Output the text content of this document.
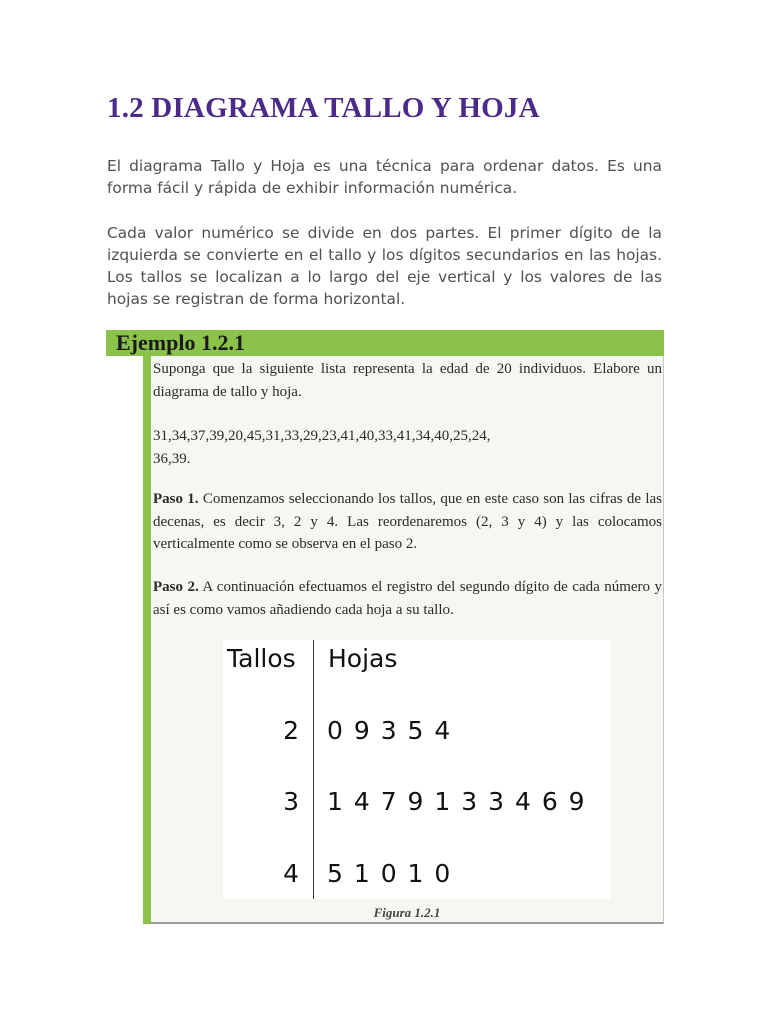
1.2 DIAGRAMA TALLO Y HOJA

El diagrama Tallo y Hoja es una técnica para ordenar datos. Es una forma fácil y rápida de exhibir información numérica.

Cada valor numérico se divide en dos partes. El primer dígito de la izquierda se convierte en el tallo y los dígitos secundarios en las hojas. Los tallos se localizan a lo largo del eje vertical y los valores de las hojas se registran de forma horizontal.

Ejemplo 1.2.1

Suponga que la siguiente lista representa la edad de 20 individuos. Elabore un diagrama de tallo y hoja.

31,34,37,39,20,45,31,33,29,23,41,40,33,41,34,40,25,24,
36,39.

Paso 1. Comenzamos seleccionando los tallos, que en este caso son las cifras de las decenas, es decir 3, 2 y 4. Las reordenaremos (2, 3 y 4) y las colocamos verticalmente como se observa en el paso 2.

Paso 2. A continuación efectuamos el registro del segundo dígito de cada número y así es como vamos añadiendo cada hoja a su tallo.

Tallos Hojas

2 0 9 3 5 4

3 1 4 7 9 1 3 3 4 6 9

4 5 1 0 1 0

Figura 1.2.1
